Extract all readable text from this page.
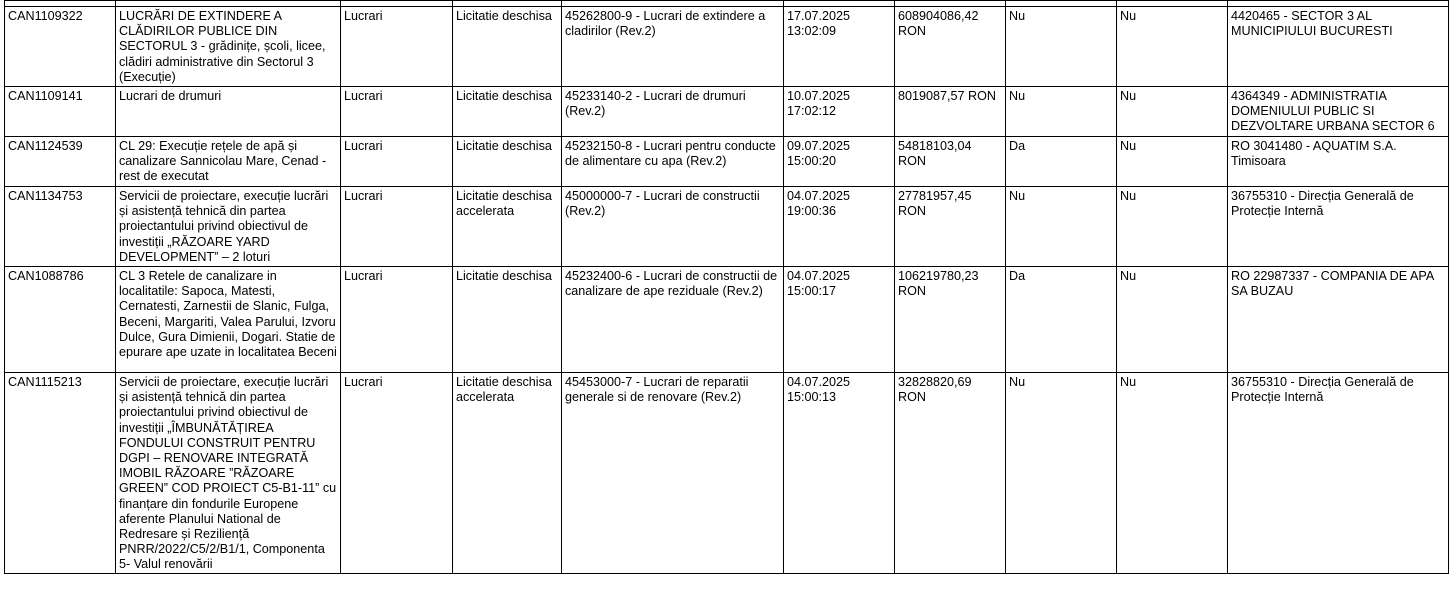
CAN1109322	LUCRĂRI DE EXTINDERE A CLĂDIRILOR PUBLICE DIN SECTORUL 3 - grădinițe, școli, licee, clădiri administrative din Sectorul 3 (Execuție)	Lucrari	Licitatie deschisa	45262800-9 - Lucrari de extindere a cladirilor (Rev.2)	17.07.2025 13:02:09	608904086,42 RON	Nu	Nu	4420465 - SECTOR 3 AL MUNICIPIULUI BUCURESTI
CAN1109141	Lucrari de drumuri	Lucrari	Licitatie deschisa	45233140-2 - Lucrari de drumuri (Rev.2)	10.07.2025 17:02:12	8019087,57 RON	Nu	Nu	4364349 - ADMINISTRATIA DOMENIULUI PUBLIC SI DEZVOLTARE URBANA SECTOR 6
CAN1124539	CL 29: Execuție rețele de apă și canalizare Sannicolau Mare, Cenad - rest de executat	Lucrari	Licitatie deschisa	45232150-8 - Lucrari pentru conducte de alimentare cu apa (Rev.2)	09.07.2025 15:00:20	54818103,04 RON	Da	Nu	RO 3041480 - AQUATIM S.A. Timisoara
CAN1134753	Servicii de proiectare, execuție lucrări și asistență tehnică din partea proiectantului privind obiectivul de investiții „RĂZOARE YARD DEVELOPMENT” – 2 loturi	Lucrari	Licitatie deschisa accelerata	45000000-7 - Lucrari de constructii (Rev.2)	04.07.2025 19:00:36	27781957,45 RON	Nu	Nu	36755310 - Direcția Generală de Protecție Internă
CAN1088786	CL 3 Retele de canalizare in localitatile: Sapoca, Matesti, Cernatesti, Zarnestii de Slanic, Fulga, Beceni, Margariti, Valea Parului, Izvoru Dulce, Gura Dimienii, Dogari. Statie de epurare ape uzate in localitatea Beceni	Lucrari	Licitatie deschisa	45232400-6 - Lucrari de constructii de canalizare de ape reziduale (Rev.2)	04.07.2025 15:00:17	106219780,23 RON	Da	Nu	RO 22987337 - COMPANIA DE APA SA BUZAU
CAN1115213	Servicii de proiectare, execuție lucrări și asistență tehnică din partea proiectantului privind obiectivul de investiții „ÎMBUNĂTĂȚIREA FONDULUI CONSTRUIT PENTRU DGPI – RENOVARE INTEGRATĂ IMOBIL RĂZOARE ”RĂZOARE GREEN” COD PROIECT C5-B1-11” cu finanțare din fondurile Europene aferente Planului National de Redresare și Reziliență PNRR/2022/C5/2/B1/1, Componenta 5- Valul renovării	Lucrari	Licitatie deschisa accelerata	45453000-7 - Lucrari de reparatii generale si de renovare (Rev.2)	04.07.2025 15:00:13	32828820,69 RON	Nu	Nu	36755310 - Direcția Generală de Protecție Internă
